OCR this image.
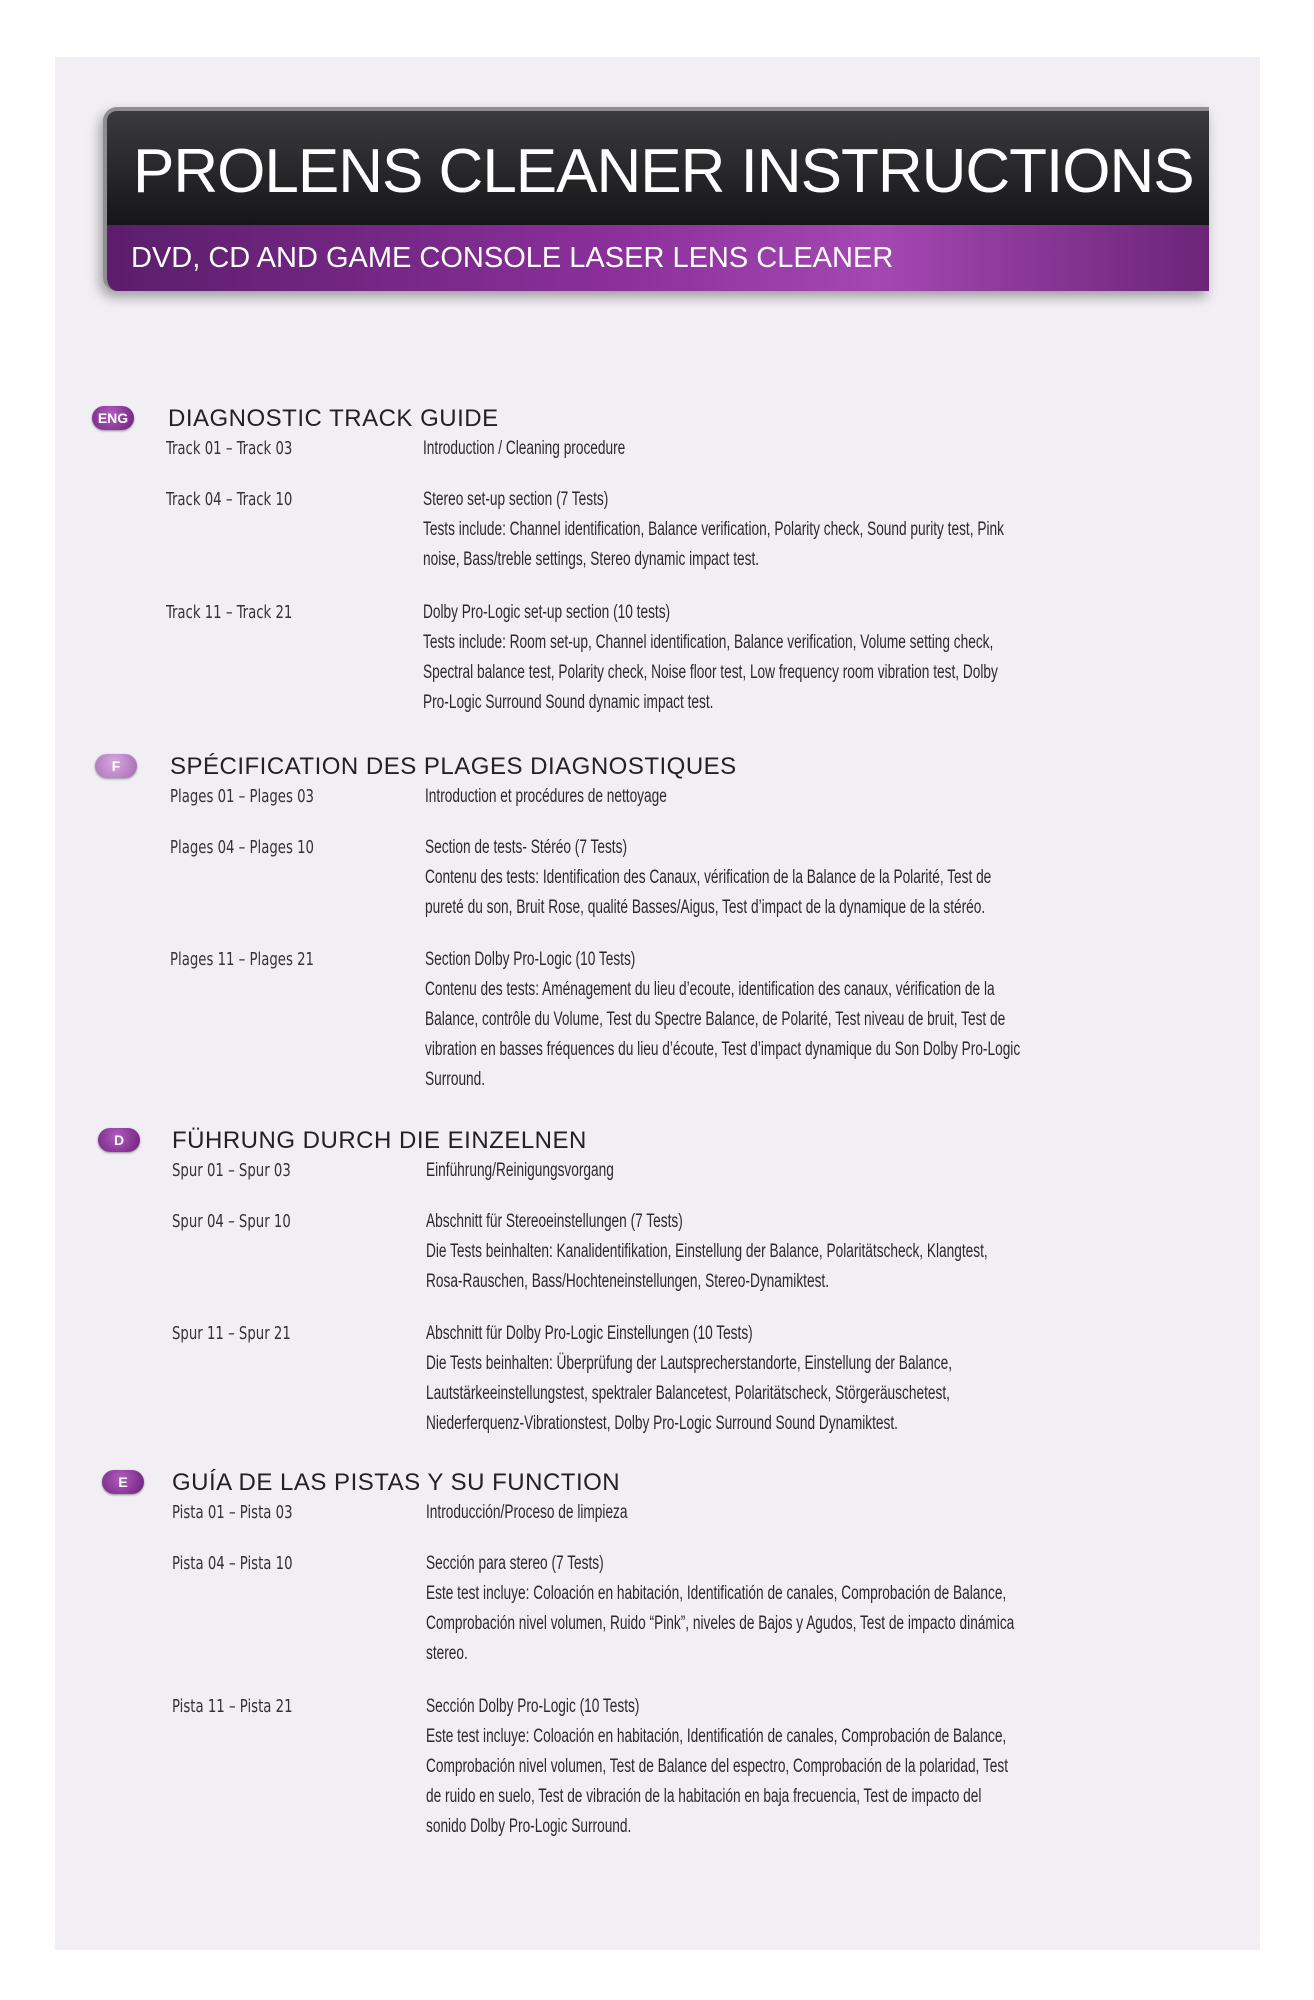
PROLENS CLEANER INSTRUCTIONS
DVD, CD AND GAME CONSOLE LASER LENS CLEANER
ENG DIAGNOSTIC TRACK GUIDE
Track 01 – Track 03	Introduction / Cleaning procedure
Track 04 – Track 10	Stereo set-up section (7 Tests)
Tests include: Channel identification, Balance verification, Polarity check, Sound purity test, Pink
noise, Bass/treble settings, Stereo dynamic impact test.
Track 11 – Track 21	Dolby Pro-Logic set-up section (10 tests)
Tests include: Room set-up, Channel identification, Balance verification, Volume setting check,
Spectral balance test, Polarity check, Noise floor test, Low frequency room vibration test, Dolby
Pro-Logic Surround Sound dynamic impact test.
F	SPÉCIFICATION DES PLAGES DIAGNOSTIQUES
Plages 01 – Plages 03	Introduction et procédures de nettoyage
Plages 04 – Plages 10	Section de tests- Stéréo (7 Tests)
Contenu des tests: Identification des Canaux, vérification de la Balance de la Polarité, Test de
pureté du son, Bruit Rose, qualité Basses/Aigus, Test d’impact de la dynamique de la stéréo.
Plages 11 – Plages 21	Section Dolby Pro-Logic (10 Tests)
Contenu des tests: Aménagement du lieu d’ecoute, identification des canaux, vérification de la
Balance, contrôle du Volume, Test du Spectre Balance, de Polarité, Test niveau de bruit, Test de
vibration en basses fréquences du lieu d’écoute, Test d’impact dynamique du Son Dolby Pro-Logic
Surround.
D	FÜHRUNG DURCH DIE EINZELNEN
Spur 01 – Spur 03	Einführung/Reinigungsvorgang
Spur 04 – Spur 10	Abschnitt für Stereoeinstellungen (7 Tests)
Die Tests beinhalten: Kanalidentifikation, Einstellung der Balance, Polaritätscheck, Klangtest,
Rosa-Rauschen, Bass/Hochteneinstellungen, Stereo-Dynamiktest.
Spur 11 – Spur 21	Abschnitt für Dolby Pro-Logic Einstellungen (10 Tests)
Die Tests beinhalten: Überprüfung der Lautsprecherstandorte, Einstellung der Balance,
Lautstärkeeinstellungstest, spektraler Balancetest, Polaritätscheck, Störgeräuschetest,
Niederferquenz-Vibrationstest, Dolby Pro-Logic Surround Sound Dynamiktest.
E	GUÍA DE LAS PISTAS Y SU FUNCTION
Pista 01 – Pista 03	Introducción/Proceso de limpieza
Pista 04 – Pista 10	Sección para stereo (7 Tests)
Este test incluye: Coloación en habitación, Identificatión de canales, Comprobación de Balance,
Comprobación nivel volumen, Ruido “Pink”, niveles de Bajos y Agudos, Test de impacto dinámica
stereo.
Pista 11 – Pista 21	Sección Dolby Pro-Logic (10 Tests)
Este test incluye: Coloación en habitación, Identificatión de canales, Comprobación de Balance,
Comprobación nivel volumen, Test de Balance del espectro, Comprobación de la polaridad, Test
de ruido en suelo, Test de vibración de la habitación en baja frecuencia, Test de impacto del
sonido Dolby Pro-Logic Surround.
